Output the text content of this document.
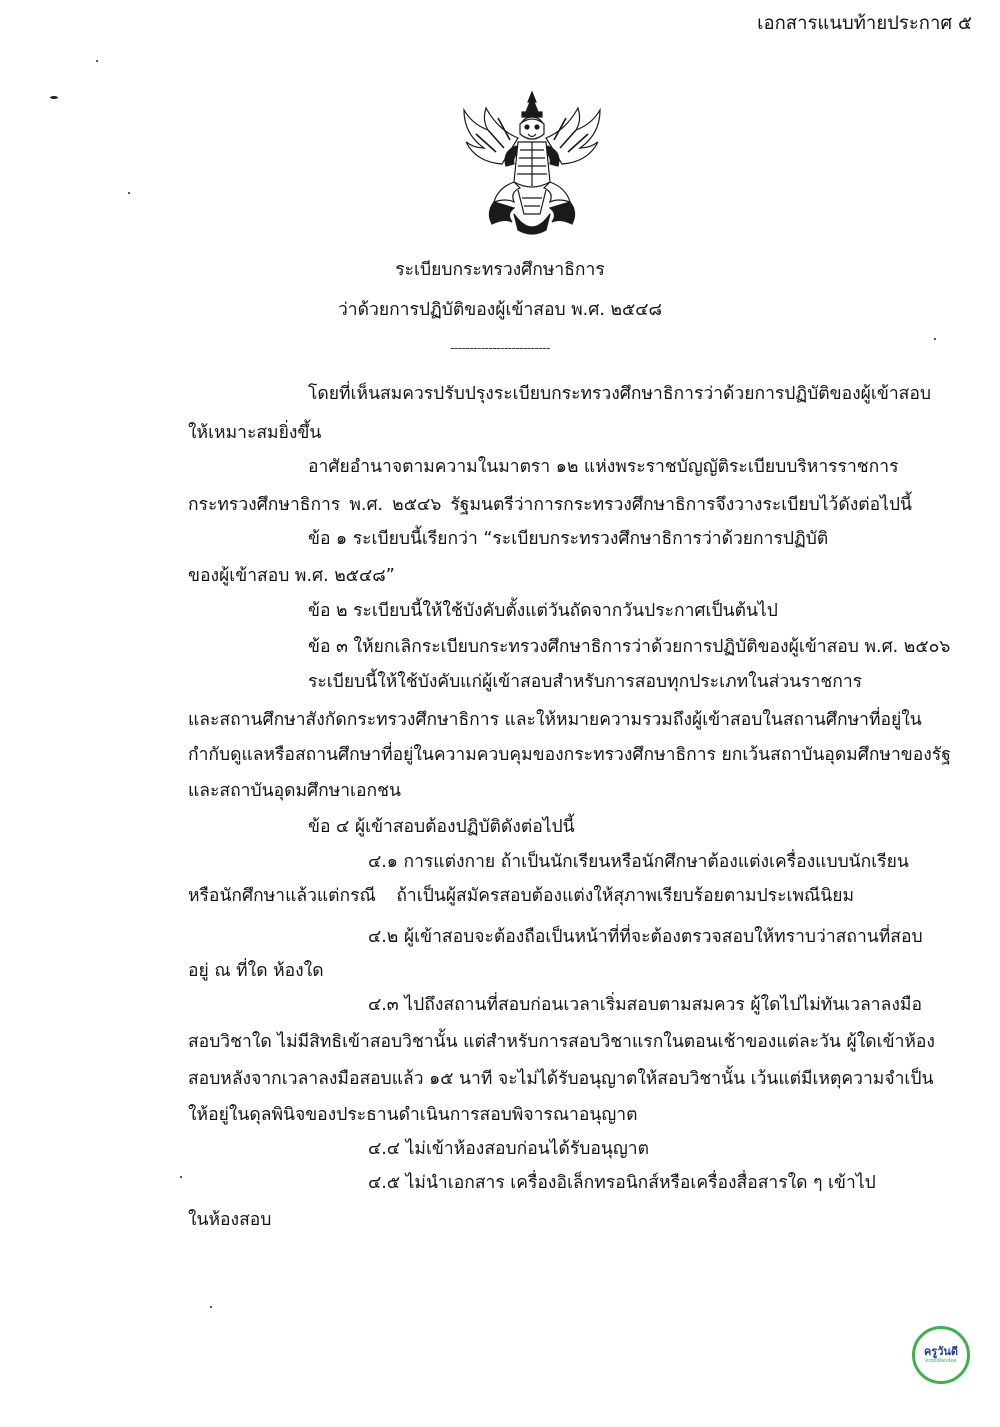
เอกสารแนบท้ายประกาศ ๕
ระเบียบกระทรวงศึกษาธิการ
ว่าด้วยการปฏิบัติของผู้เข้าสอบ พ.ศ. ๒๕๔๘
--------------------------
โดยที่เห็นสมควรปรับปรุงระเบียบกระทรวงศึกษาธิการว่าด้วยการปฏิบัติของผู้เข้าสอบ
ให้เหมาะสมยิ่งขึ้น
อาศัยอำนาจตามความในมาตรา ๑๒ แห่งพระราชบัญญัติระเบียบบริหารราชการ
กระทรวงศึกษาธิการ พ.ศ. ๒๕๔๖ รัฐมนตรีว่าการกระทรวงศึกษาธิการจึงวางระเบียบไว้ดังต่อไปนี้
ข้อ ๑ ระเบียบนี้เรียกว่า “ระเบียบกระทรวงศึกษาธิการว่าด้วยการปฏิบัติ
ของผู้เข้าสอบ พ.ศ. ๒๕๔๘”
ข้อ ๒ ระเบียบนี้ให้ใช้บังคับตั้งแต่วันถัดจากวันประกาศเป็นต้นไป
ข้อ ๓ ให้ยกเลิกระเบียบกระทรวงศึกษาธิการว่าด้วยการปฏิบัติของผู้เข้าสอบ พ.ศ. ๒๕๐๖
ระเบียบนี้ให้ใช้บังคับแก่ผู้เข้าสอบสำหรับการสอบทุกประเภทในส่วนราชการ
และสถานศึกษาสังกัดกระทรวงศึกษาธิการ และให้หมายความรวมถึงผู้เข้าสอบในสถานศึกษาที่อยู่ใน
กำกับดูแลหรือสถานศึกษาที่อยู่ในความควบคุมของกระทรวงศึกษาธิการ ยกเว้นสถาบันอุดมศึกษาของรัฐ
และสถาบันอุดมศึกษาเอกชน
ข้อ ๔ ผู้เข้าสอบต้องปฏิบัติดังต่อไปนี้
๔.๑ การแต่งกาย ถ้าเป็นนักเรียนหรือนักศึกษาต้องแต่งเครื่องแบบนักเรียน
หรือนักศึกษาแล้วแต่กรณี ถ้าเป็นผู้สมัครสอบต้องแต่งให้สุภาพเรียบร้อยตามประเพณีนิยม
๔.๒ ผู้เข้าสอบจะต้องถือเป็นหน้าที่ที่จะต้องตรวจสอบให้ทราบว่าสถานที่สอบ
อยู่ ณ ที่ใด ห้องใด
๔.๓ ไปถึงสถานที่สอบก่อนเวลาเริ่มสอบตามสมควร ผู้ใดไปไม่ทันเวลาลงมือ
สอบวิชาใด ไม่มีสิทธิเข้าสอบวิชานั้น แต่สำหรับการสอบวิชาแรกในตอนเช้าของแต่ละวัน ผู้ใดเข้าห้อง
สอบหลังจากเวลาลงมือสอบแล้ว ๑๕ นาที จะไม่ได้รับอนุญาตให้สอบวิชานั้น เว้นแต่มีเหตุความจำเป็น
ให้อยู่ในดุลพินิจของประธานดำเนินการสอบพิจารณาอนุญาต
๔.๔ ไม่เข้าห้องสอบก่อนได้รับอนุญาต
๔.๕ ไม่นำเอกสาร เครื่องอิเล็กทรอนิกส์หรือเครื่องสื่อสารใด ๆ เข้าไป
ในห้องสอบ
ครูวันดี
krooWandee
